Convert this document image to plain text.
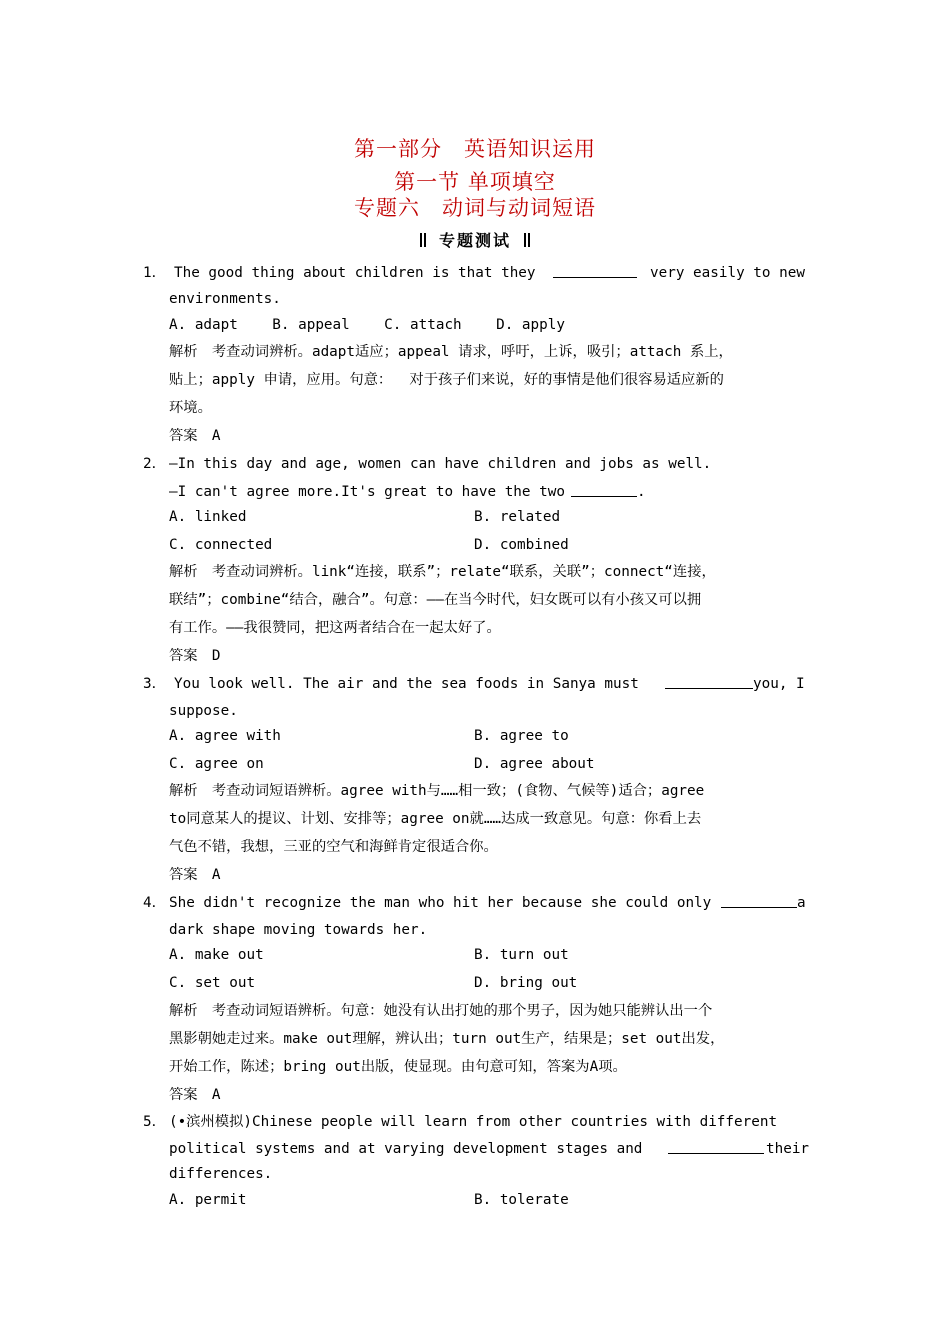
第一部分　英语知识运用
第一节 单项填空
专题六　动词与动词短语
专题测试
1． The good thing about children is that they	very easily to new
environments.
A. adapt    B. appeal    C. attach    D. apply
解析　考查动词辨析。adapt适应；appeal 请求，呼吁，上诉，吸引；attach 系上，
贴上；apply 申请，应用。句意：  对于孩子们来说，好的事情是他们很容易适应新的
环境。
答案　A
2． —In this day and age, women can have children and jobs as well.
—I can't agree more.It's great to have the two	.
A. linked	B. related
C. connected	D. combined
解析　考查动词辨析。link“连接，联系”；relate“联系，关联”；connect“连接，
联结”；combine“结合，融合”。句意：——在当今时代，妇女既可以有小孩又可以拥
有工作。——我很赞同，把这两者结合在一起太好了。
答案　D
3． You look well. The air and the sea foods in Sanya must	you, I
suppose.
A. agree with	B. agree to
C. agree on	D. agree about
解析　考查动词短语辨析。agree with与……相一致；(食物、气候等)适合；agree
to同意某人的提议、计划、安排等；agree on就……达成一致意见。句意：你看上去
气色不错，我想，三亚的空气和海鲜肯定很适合你。
答案　A
4． She didn't recognize the man who hit her because she could only	a
dark shape moving towards her.
A. make out	B. turn out
C. set out	D. bring out
解析　考查动词短语辨析。句意：她没有认出打她的那个男子，因为她只能辨认出一个
黑影朝她走过来。make out理解，辨认出；turn out生产，结果是；set out出发，
开始工作，陈述；bring out出版，使显现。由句意可知，答案为A项。
答案　A
5． (•滨州模拟)Chinese people will learn from other countries with different
political systems and at varying development stages and	their
differences.
A. permit	B. tolerate
